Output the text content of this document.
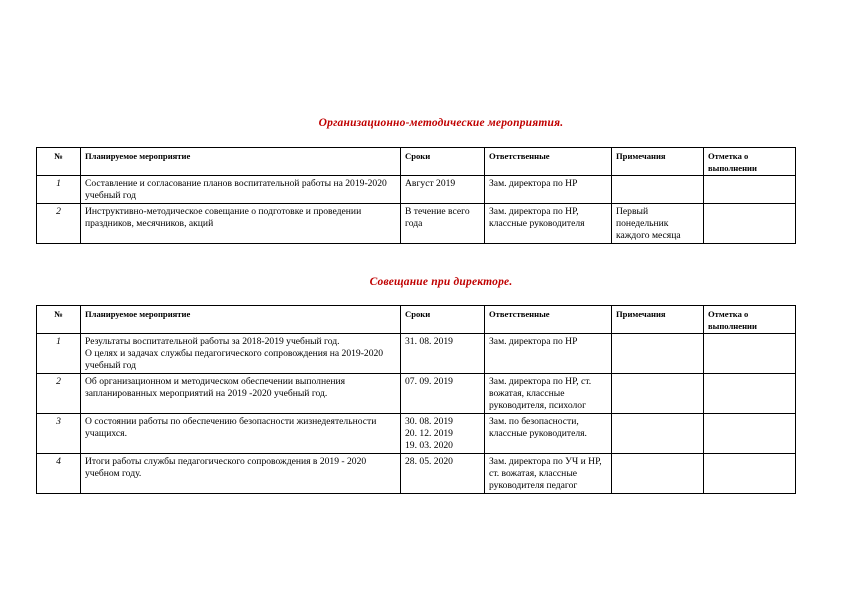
Организационно-методические мероприятия.
№	Планируемое мероприятие	Сроки	Ответственные	Примечания	Отметка о выполнении
1	Составление и согласование планов воспитательной работы на 2019-2020 учебный год	Август 2019	Зам. директора по НР		
2	Инструктивно-методическое совещание о подготовке и проведении праздников, месячников, акций	В течение всего года	Зам. директора по НР, классные руководителя	Первый понедельник каждого месяца	
Совещание при директоре.
№	Планируемое мероприятие	Сроки	Ответственные	Примечания	Отметка о выполнении
1	Результаты воспитательной работы за 2018-2019 учебный год.
О целях и задачах службы педагогического сопровождения на 2019-2020 учебный год	31. 08. 2019	Зам. директора по НР		
2	Об организационном и методическом обеспечении выполнения запланированных мероприятий на 2019 -2020 учебный год.	07. 09. 2019	Зам. директора по НР, ст. вожатая, классные руководителя, психолог		
3	О состоянии работы по обеспечению безопасности жизнедеятельности учащихся.	30. 08. 2019
20. 12. 2019
19. 03. 2020	Зам. по безопасности, классные руководителя.		
4	Итоги работы службы педагогического сопровождения в 2019 - 2020 учебном году.	28. 05. 2020	Зам. директора по УЧ и НР, ст. вожатая, классные руководителя педагог		
